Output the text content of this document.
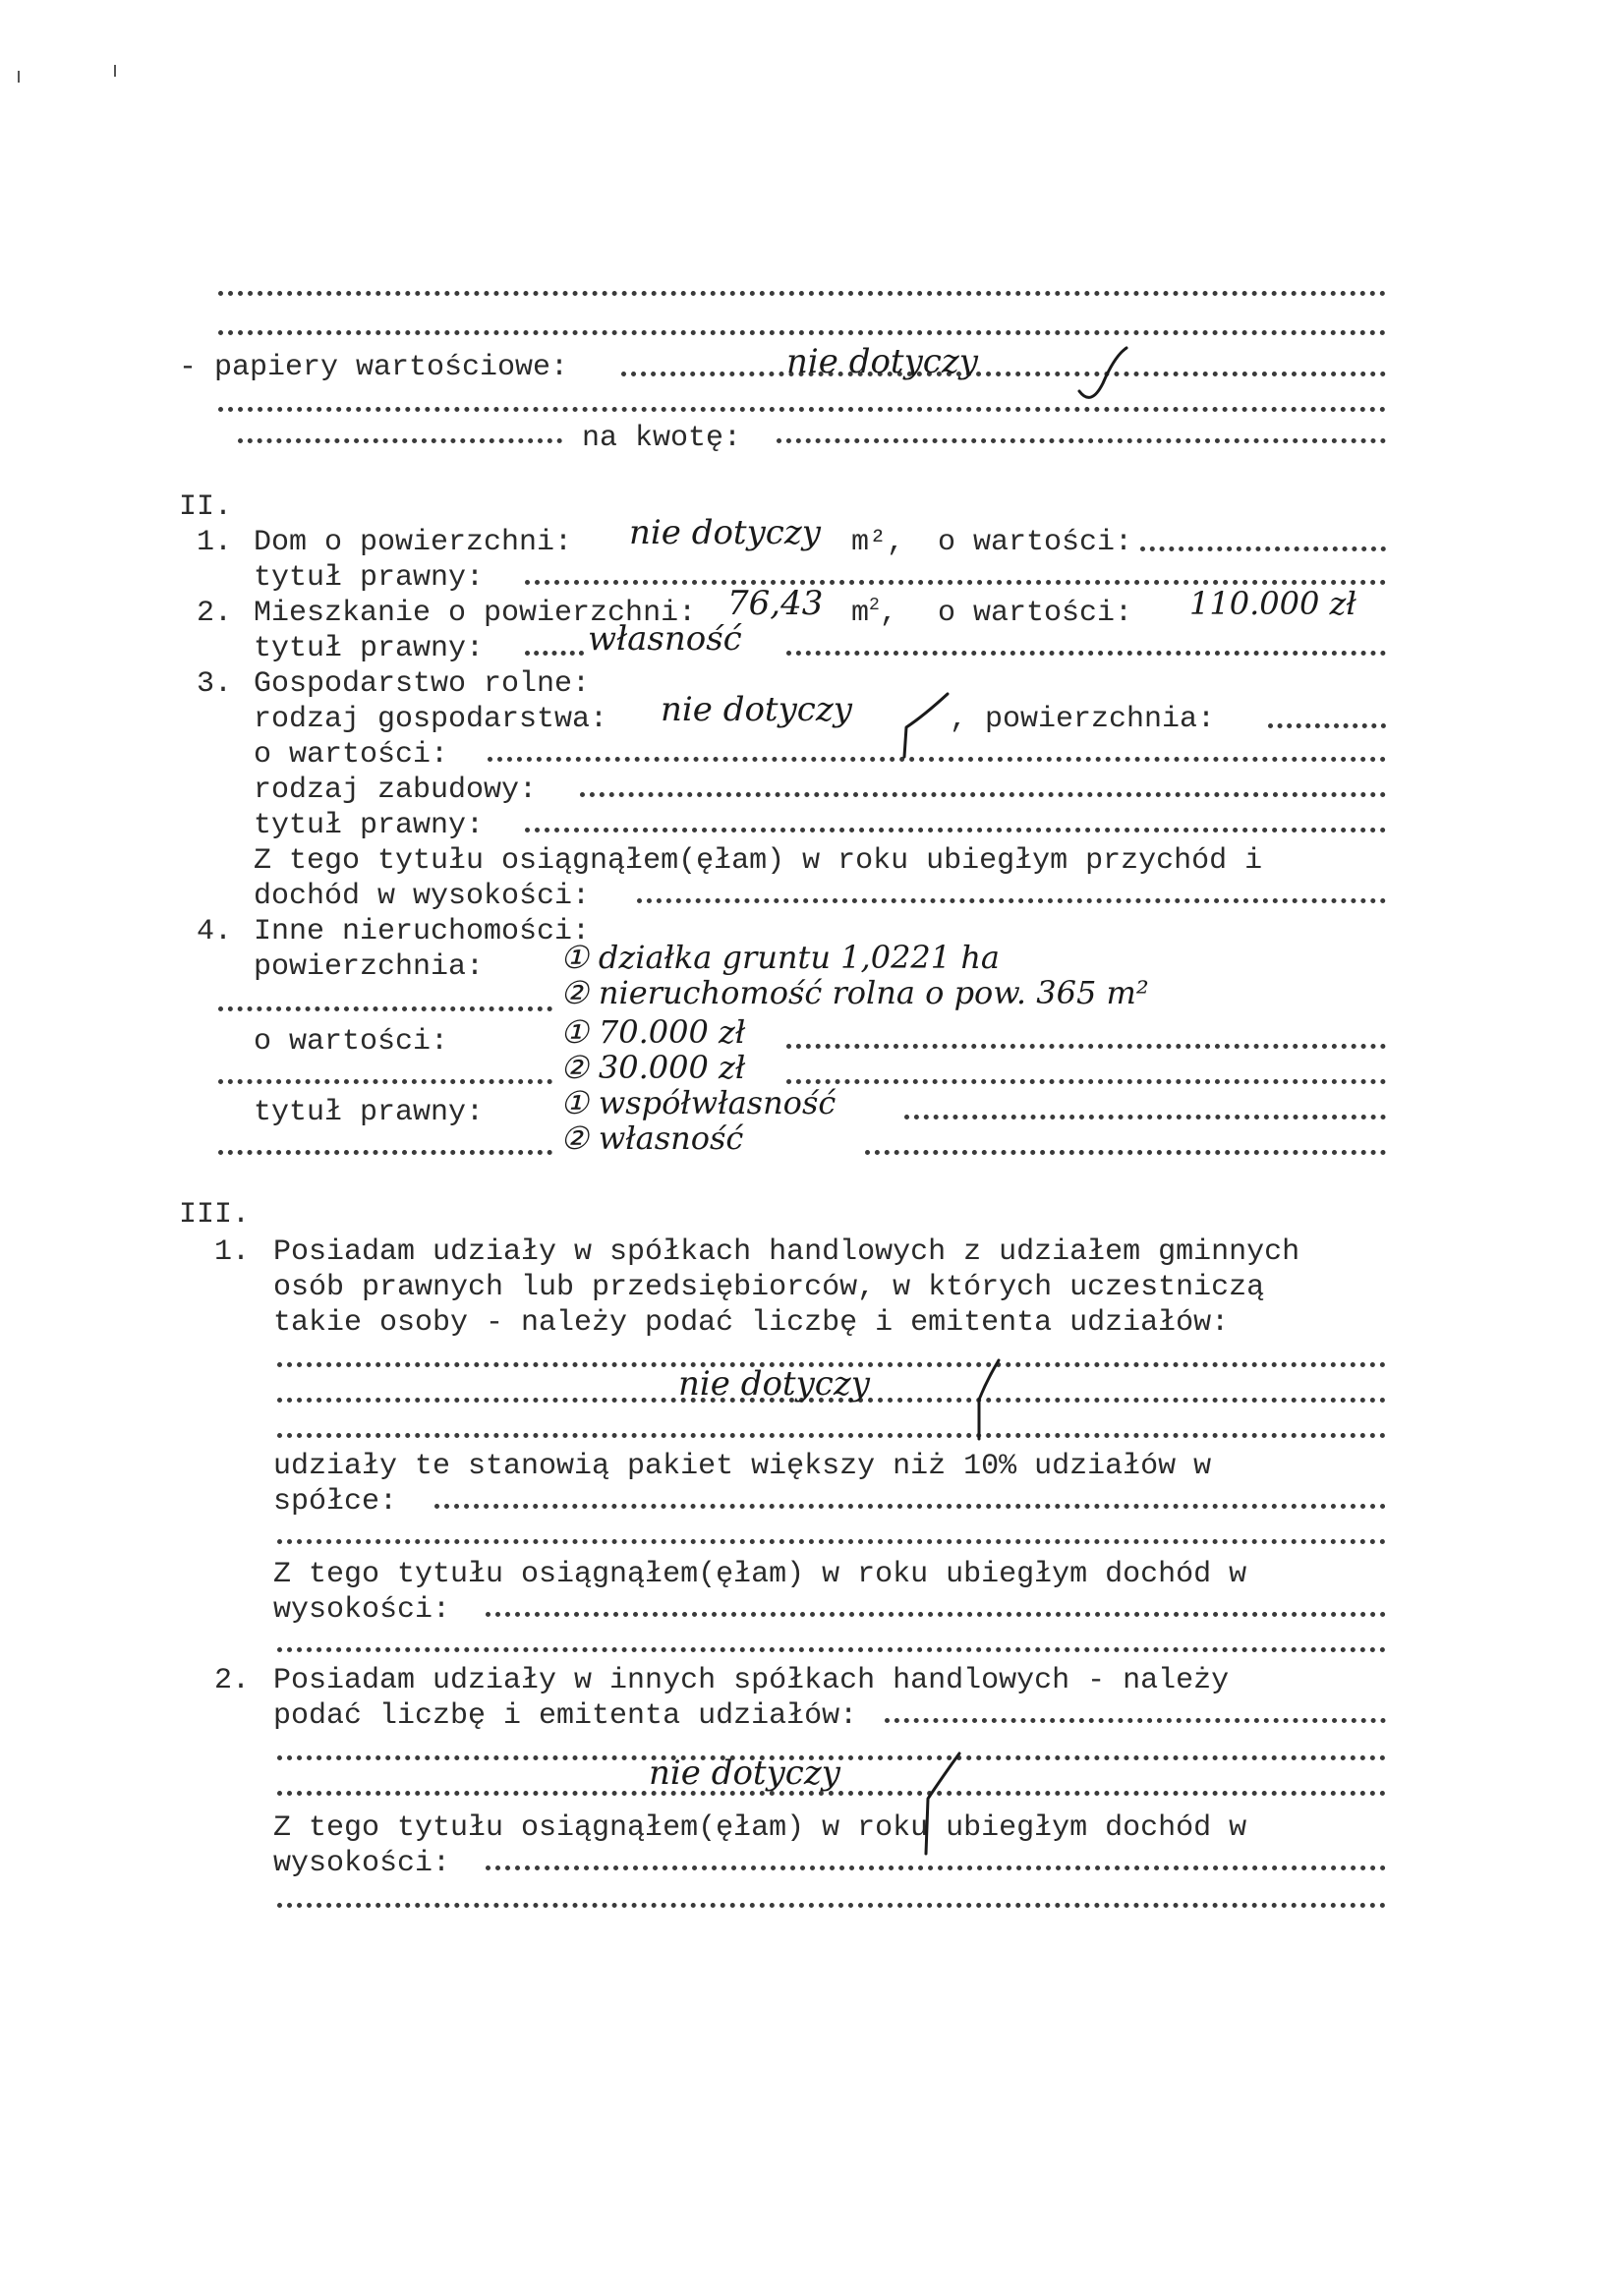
- papiery wartościowe:	nie dotyczy
na kwotę:
II.
1. Dom o powierzchni: nie dotyczy m², o wartości:
tytuł prawny:
2. Mieszkanie o powierzchni: 76,43 $m^2$, o wartości: 110.000 zł
tytuł prawny:	własność
3. Gospodarstwo rolne:
rodzaj gospodarstwa: nie dotyczy	, powierzchnia:
o wartości:
rodzaj zabudowy:
tytuł prawny:
Z tego tytułu osiągnąłem(ęłam) w roku ubiegłym przychód i
dochód w wysokości:
4. Inne nieruchomości:
powierzchnia: ① działka gruntu 1,0221 ha
② nieruchomość rolna o pow. 365 m²
o wartości:	① 70.000 zł
② 30.000 zł
tytuł prawny: ① współwłasność
② własność
III.
1. Posiadam udziały w spółkach handlowych z udziałem gminnych
osób prawnych lub przedsiębiorców, w których uczestniczą
takie osoby - należy podać liczbę i emitenta udziałów:
nie dotyczy
udziały te stanowią pakiet większy niż 10% udziałów w
spółce:
Z tego tytułu osiągnąłem(ęłam) w roku ubiegłym dochód w
wysokości:
2. Posiadam udziały w innych spółkach handlowych - należy
podać liczbę i emitenta udziałów:
nie dotyczy
Z tego tytułu osiągnąłem(ęłam) w roku ubiegłym dochód w
wysokości:
